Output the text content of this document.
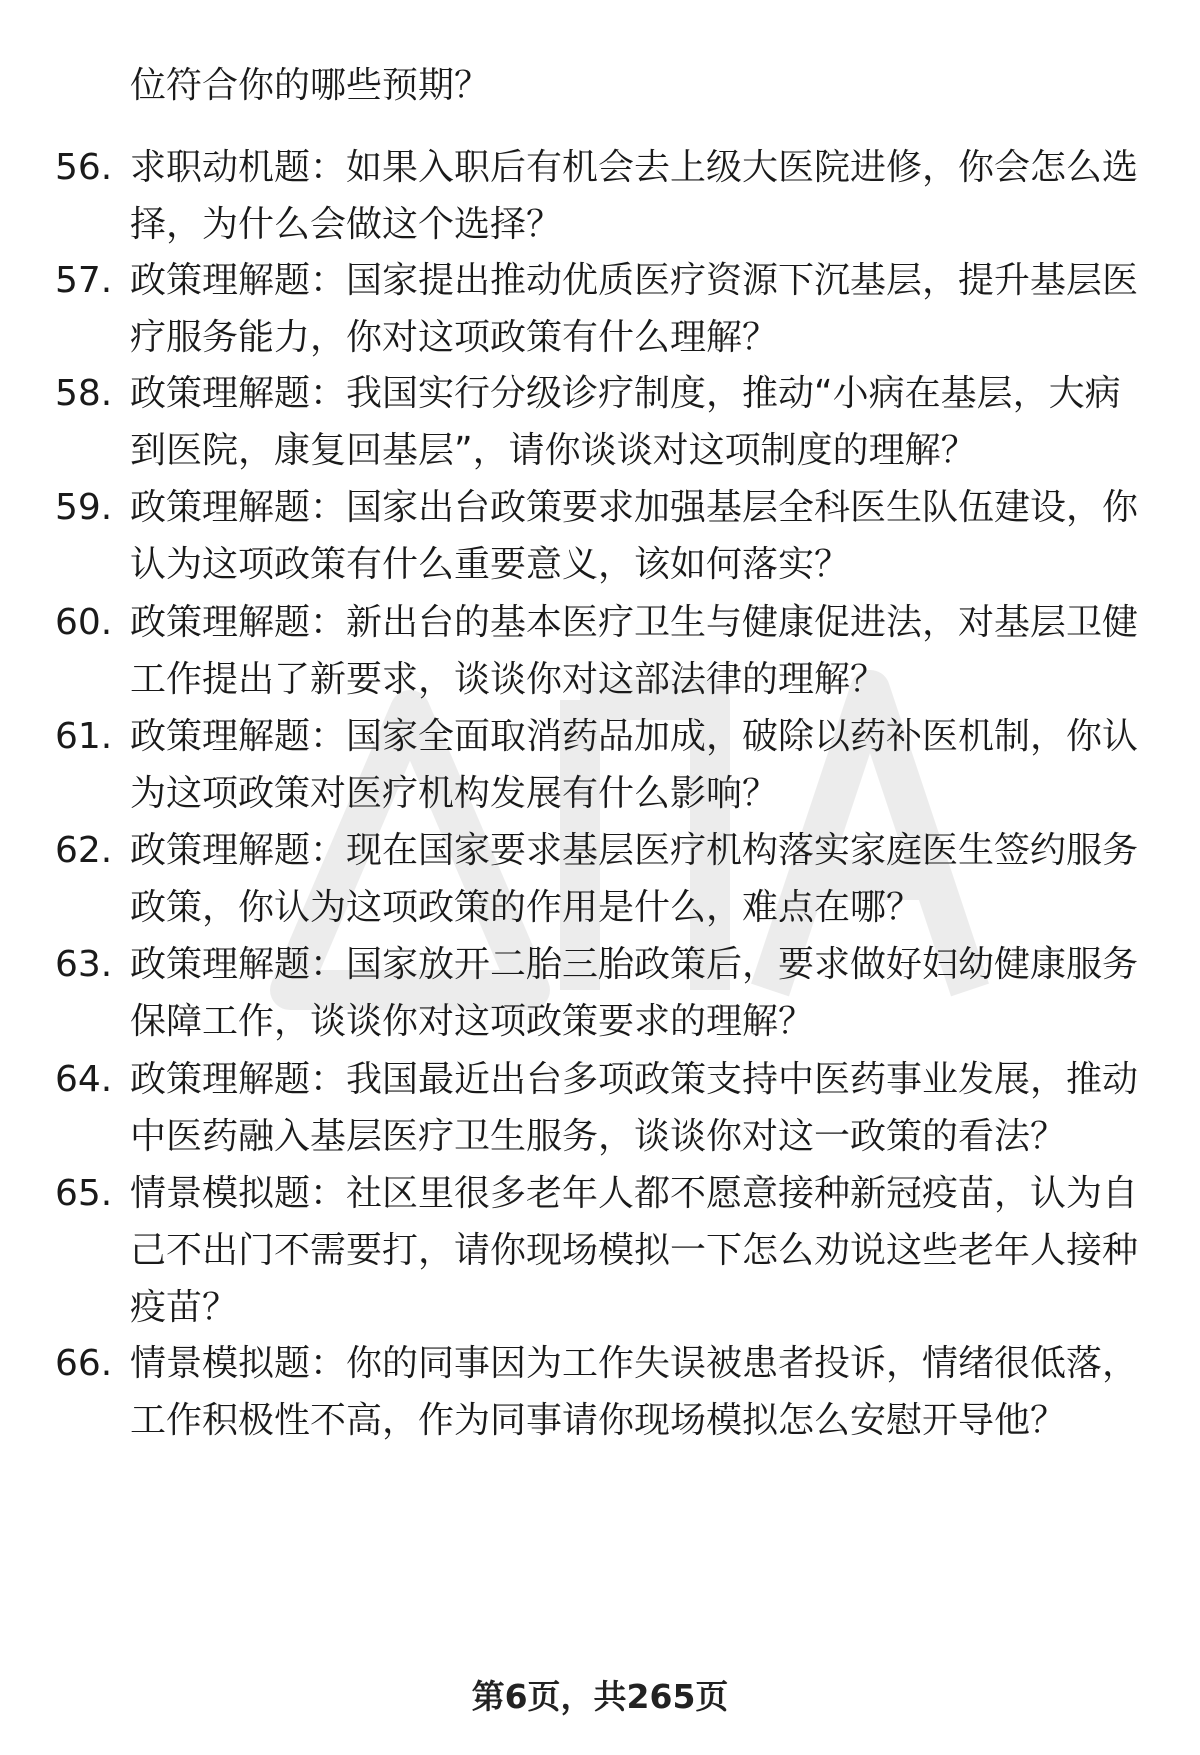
位符合你的哪些预期？
56. 求职动机题：如果入职后有机会去上级大医院进修，你会怎么选
择，为什么会做这个选择？
57. 政策理解题：国家提出推动优质医疗资源下沉基层，提升基层医
疗服务能力，你对这项政策有什么理解？
58. 政策理解题：我国实行分级诊疗制度，推动“小病在基层，大病
到医院，康复回基层”，请你谈谈对这项制度的理解？
59. 政策理解题：国家出台政策要求加强基层全科医生队伍建设，你
认为这项政策有什么重要意义，该如何落实？
60. 政策理解题：新出台的基本医疗卫生与健康促进法，对基层卫健
工作提出了新要求，谈谈你对这部法律的理解？
61. 政策理解题：国家全面取消药品加成，破除以药补医机制，你认
为这项政策对医疗机构发展有什么影响？
62. 政策理解题：现在国家要求基层医疗机构落实家庭医生签约服务
政策，你认为这项政策的作用是什么，难点在哪？
63. 政策理解题：国家放开二胎三胎政策后，要求做好妇幼健康服务
保障工作，谈谈你对这项政策要求的理解？
64. 政策理解题：我国最近出台多项政策支持中医药事业发展，推动
中医药融入基层医疗卫生服务，谈谈你对这一政策的看法？
65. 情景模拟题：社区里很多老年人都不愿意接种新冠疫苗，认为自
己不出门不需要打，请你现场模拟一下怎么劝说这些老年人接种
疫苗？
66. 情景模拟题：你的同事因为工作失误被患者投诉，情绪很低落，
工作积极性不高，作为同事请你现场模拟怎么安慰开导他？
第6页，共265页
